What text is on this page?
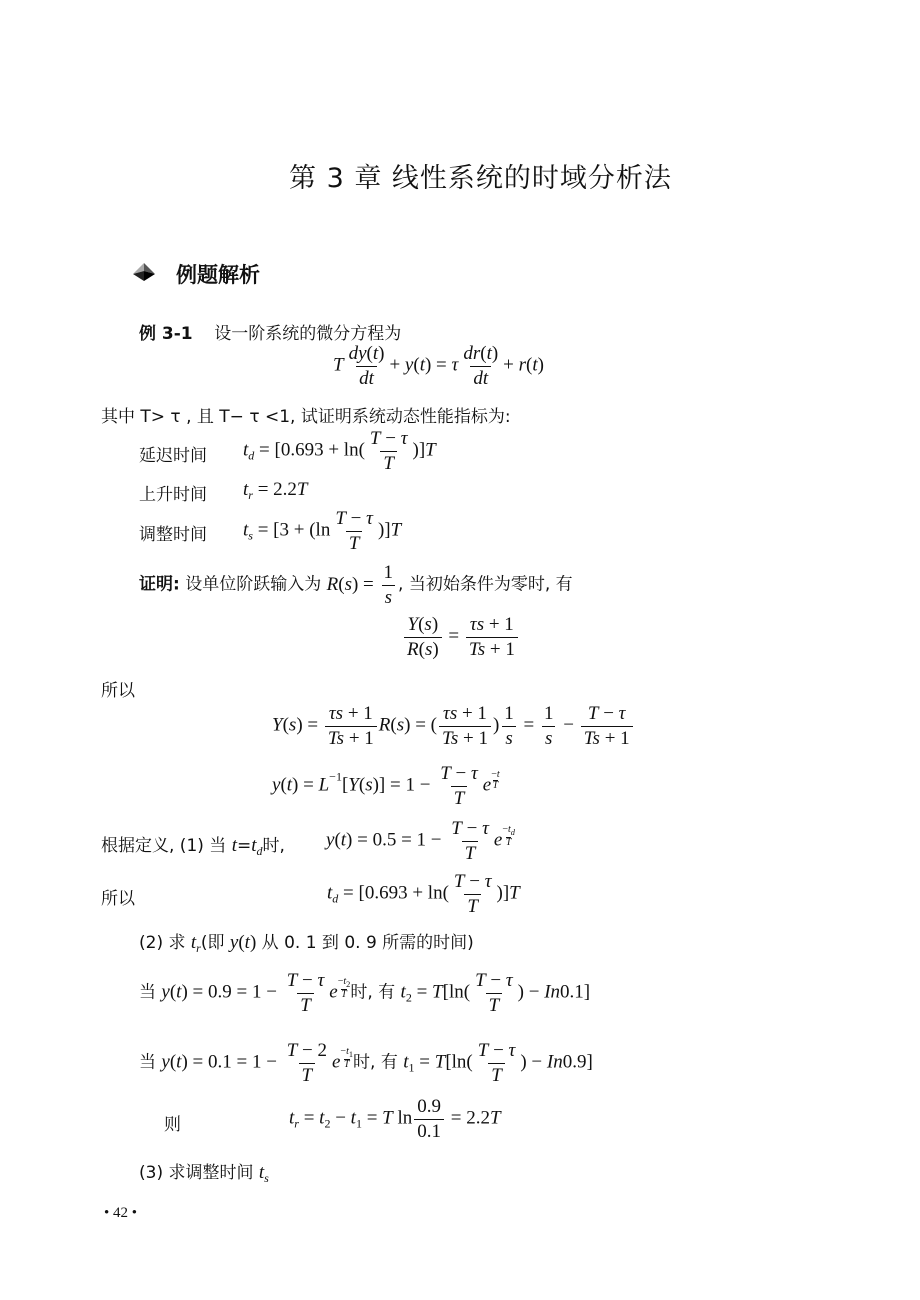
第 3 章 线性系统的时域分析法
例题解析
例 3-1 设一阶系统的微分方程为
T $\frac{dy(t)}{dt} + y(t) = \tau \frac{dr(t)}{dt} + r(t)$
其中 T> τ , 且 T− τ <1, 试证明系统动态性能指标为:
延迟时间 $t_d = [0.693 + \ln( \frac{T - \tau}{T} )]T$
上升时间 $t_r = 2.2T$
调整时间 $t_s = [3 + (\ln \frac{T - \tau}{T} )]T$
证明: 设单位阶跃输入为 $R(s) = \frac{1}{s}$ , 当初始条件为零时, 有
$\frac{Y(s)}{R(s)} = \frac{\tau s + 1}{Ts + 1}$
所以
$Y(s) = \frac{\tau s + 1}{Ts + 1} R(s)$ = ( $\frac{\tau s + 1}{Ts + 1}$ ) $\frac{1}{s} = \frac{1}{s} - \frac{T - \tau}{Ts + 1}$
$y(t) = L^{-1}[Y(s)] = 1 - \frac{T - \tau}{T}$ e $\frac{-t}{T}$
根据定义, (1) 当 $t=t_d$时, $y(t) = 0.5 = 1 - \frac{T - \tau}{T}$ e $\frac{-t_d}{T}$
所以	$t_d = [0.693 + \ln( \frac{T - \tau}{T} )]T$
(2) 求 $t_r$(即 y(t) 从 0. 1 到 0. 9 所需的时间)
当 $y(t) = 0.9 = 1 - \frac{T - \tau}{T}$ e $\frac{-t_2}{T}$ 时, 有 $t_2 = T[\ln( \frac{T - \tau}{T}$ ) − In0.1]
当 $y(t) = 0.1 = 1 - \frac{T - 2}{T}$ e $\frac{-t_1}{T}$ 时, 有 $t_1 = T[\ln( \frac{T - \tau}{T}$ ) − In0.9]
则	$t_r = t_2 - t_1 = T$ $\ln \frac{0.9}{0.1} = 2.2T$
(3) 求调整时间 $t_s$
• 42 •
